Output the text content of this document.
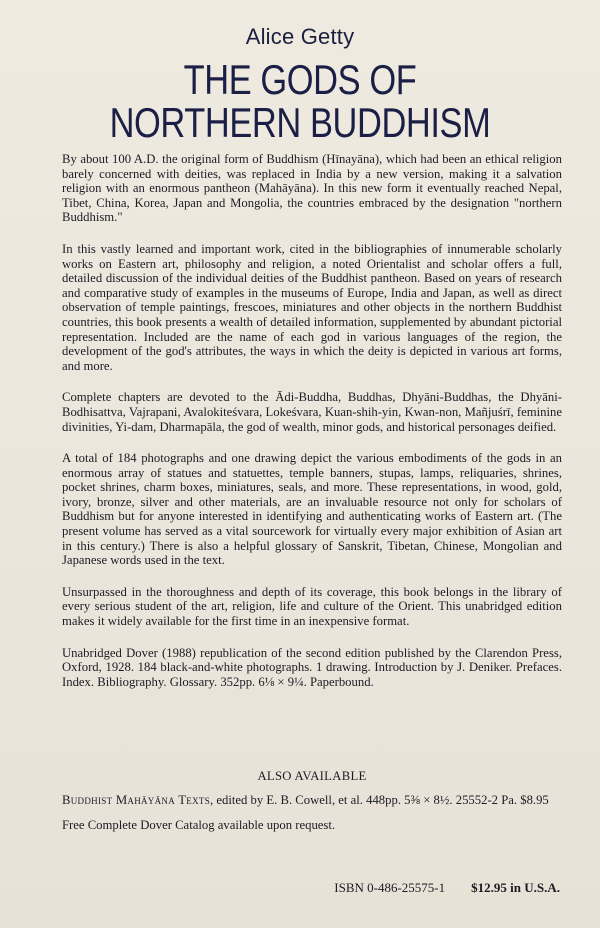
Alice Getty
THE GODS OF
NORTHERN BUDDHISM

By about 100 A.D. the original form of Buddhism (Hīnayāna), which had been an ethical religion barely concerned with deities, was replaced in India by a new version, making it a salvation religion with an enormous pantheon (Mahāyāna). In this new form it eventually reached Nepal, Tibet, China, Korea, Japan and Mongolia, the countries embraced by the designation "northern Buddhism."

In this vastly learned and important work, cited in the bibliographies of innumerable scholarly works on Eastern art, philosophy and religion, a noted Orientalist and scholar offers a full, detailed discussion of the individual deities of the Buddhist pantheon. Based on years of research and comparative study of examples in the museums of Europe, India and Japan, as well as direct observation of temple paintings, frescoes, miniatures and other objects in the northern Buddhist countries, this book presents a wealth of detailed information, supplemented by abundant pictorial representation. Included are the name of each god in various languages of the region, the development of the god's attributes, the ways in which the deity is depicted in various art forms, and more.

Complete chapters are devoted to the Ādi-Buddha, Buddhas, Dhyāni-Buddhas, the Dhyāni-Bodhisattva, Vajrapani, Avalokiteśvara, Lokeśvara, Kuan-shih-yin, Kwan-non, Mañjuśrī, feminine divinities, Yi-dam, Dharmapāla, the god of wealth, minor gods, and historical personages deified.

A total of 184 photographs and one drawing depict the various embodiments of the gods in an enormous array of statues and statuettes, temple banners, stupas, lamps, reliquaries, shrines, pocket shrines, charm boxes, miniatures, seals, and more. These representations, in wood, gold, ivory, bronze, silver and other materials, are an invaluable resource not only for scholars of Buddhism but for anyone interested in identifying and authenticating works of Eastern art. (The present volume has served as a vital sourcework for virtually every major exhibition of Asian art in this century.) There is also a helpful glossary of Sanskrit, Tibetan, Chinese, Mongolian and Japanese words used in the text.

Unsurpassed in the thoroughness and depth of its coverage, this book belongs in the library of every serious student of the art, religion, life and culture of the Orient. This unabridged edition makes it widely available for the first time in an inexpensive format.

Unabridged Dover (1988) republication of the second edition published by the Clarendon Press, Oxford, 1928. 184 black-and-white photographs. 1 drawing. Introduction by J. Deniker. Prefaces. Index. Bibliography. Glossary. 352pp. 6⅛ × 9¼. Paperbound.

ALSO AVAILABLE

Buddhist Mahāyāna Texts, edited by E. B. Cowell, et al. 448pp. 5⅜ × 8½. 25552-2 Pa. $8.95

Free Complete Dover Catalog available upon request.

ISBN 0-486-25575-1 $12.95 in U.S.A.
